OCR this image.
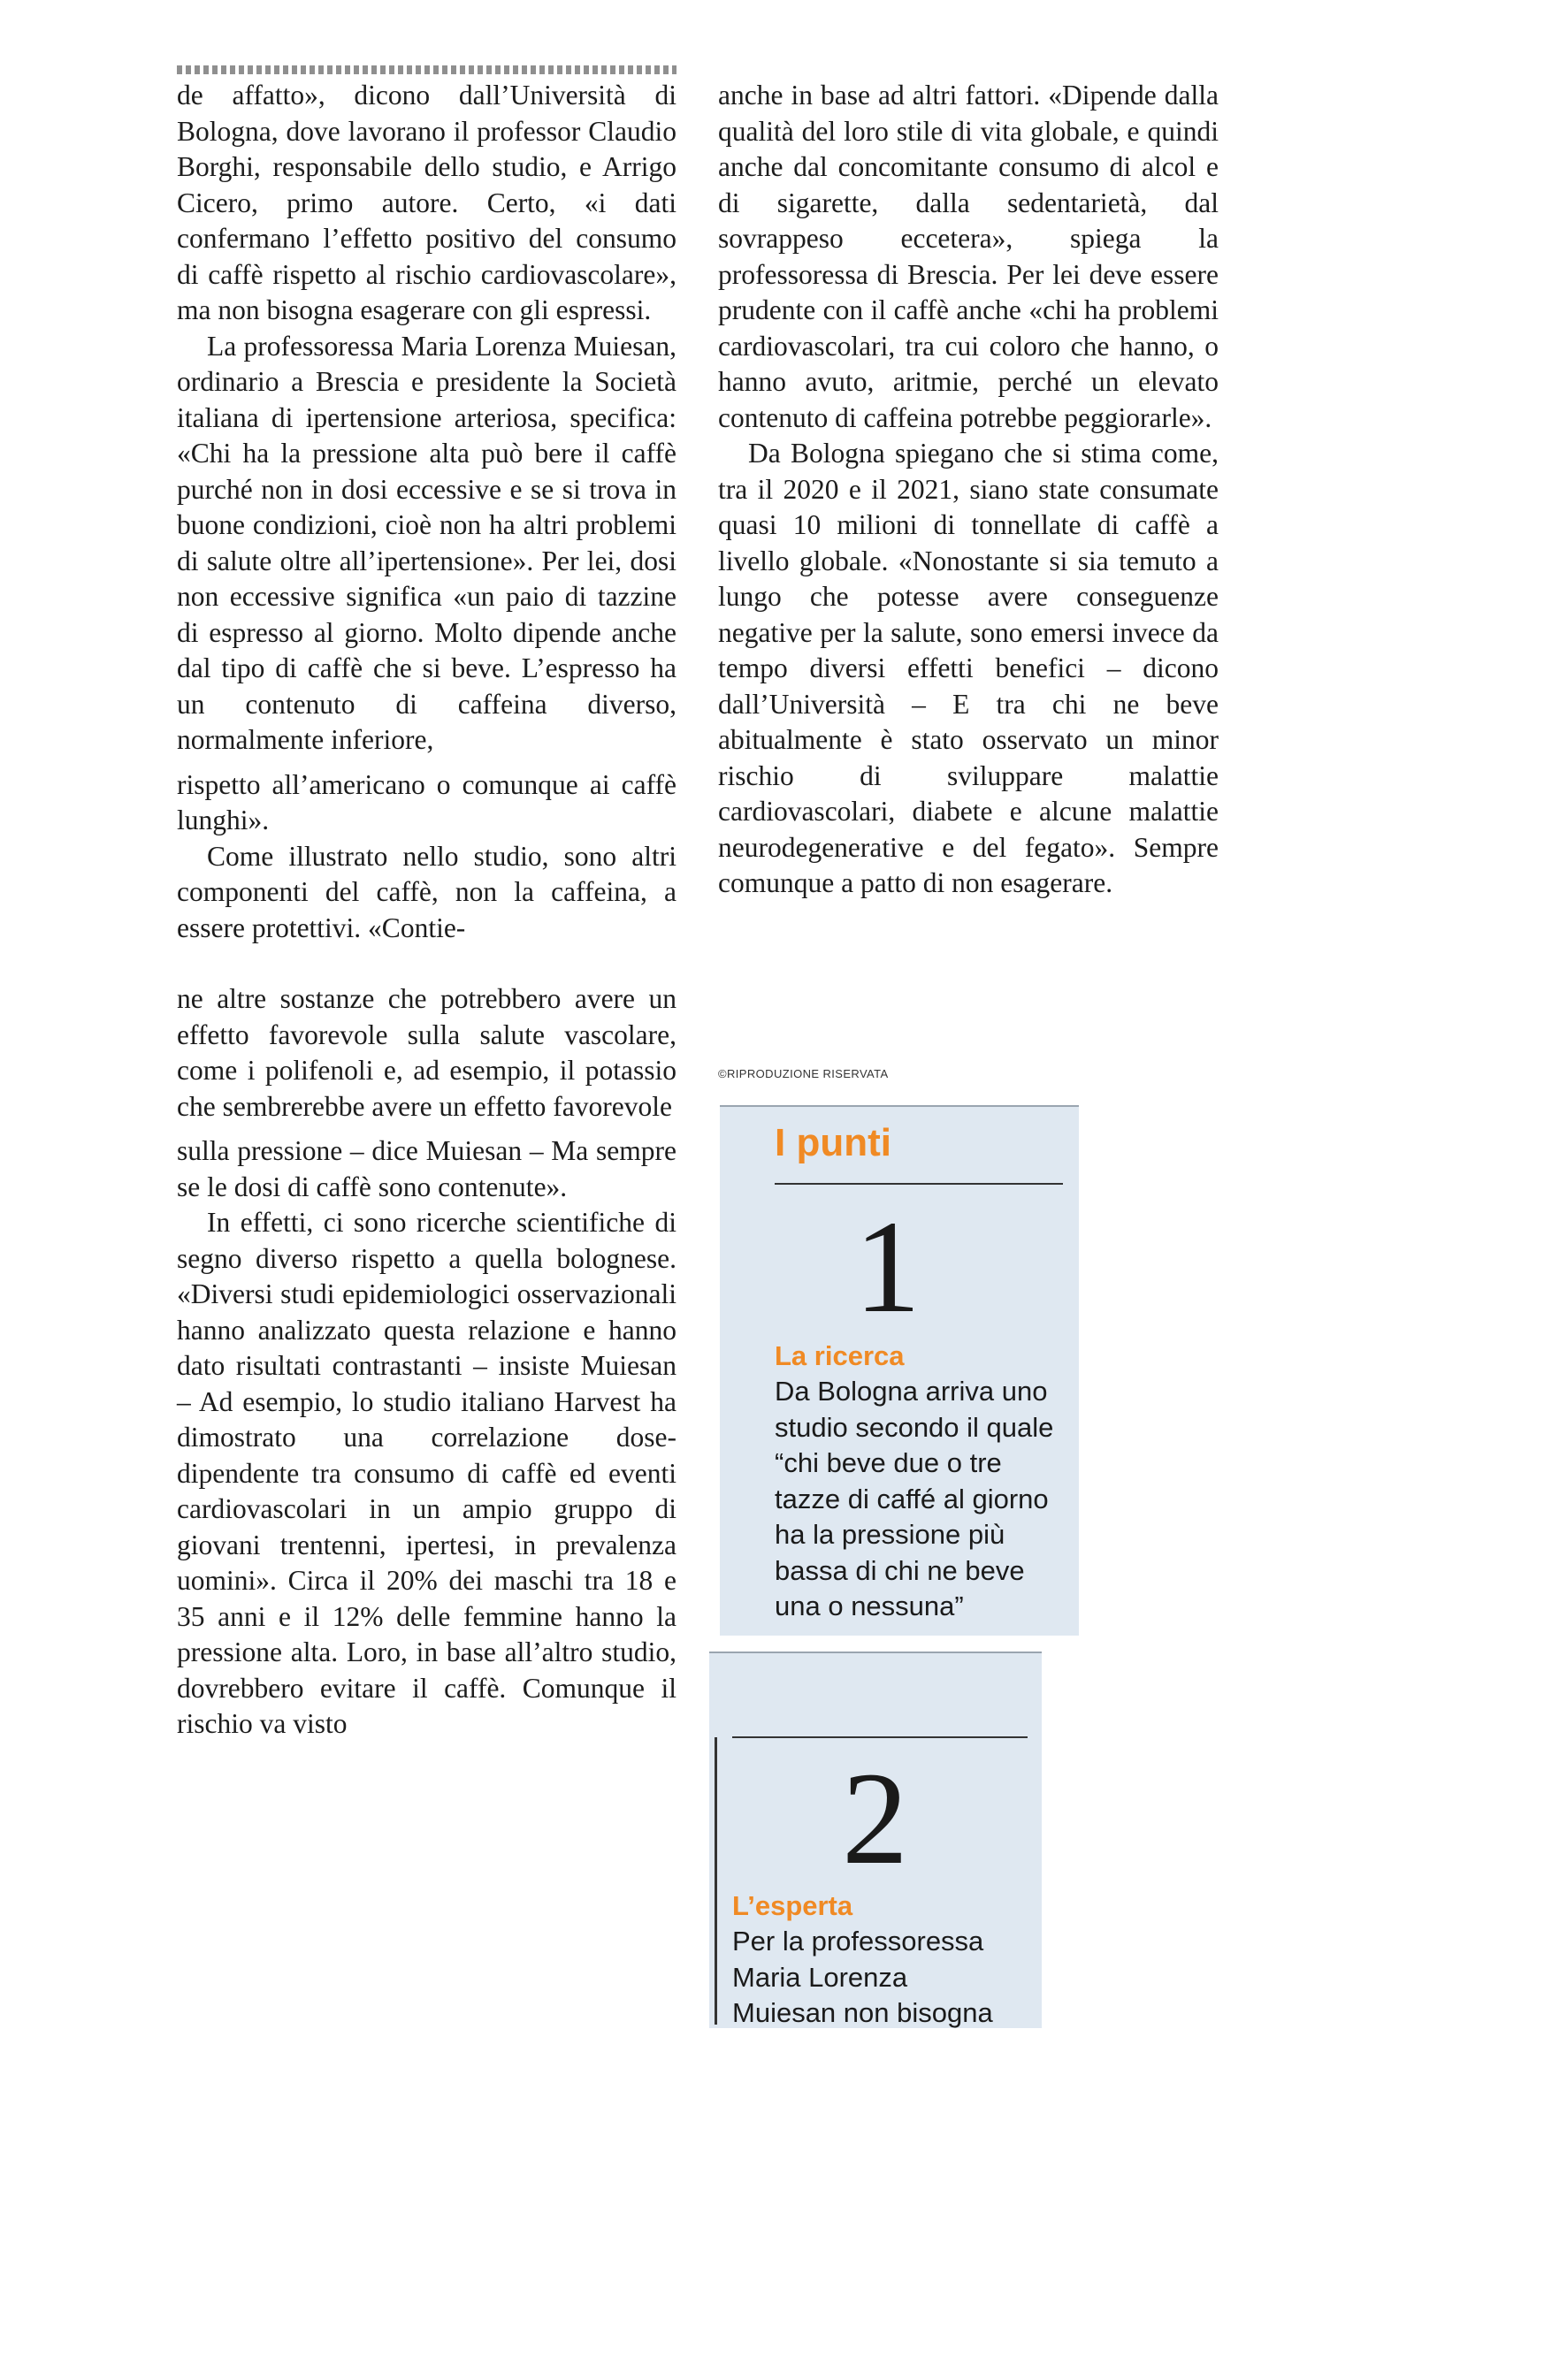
de affatto», dicono dall’Università di Bologna, dove lavorano il professor Claudio Borghi, responsabile dello studio, e Arrigo Cicero, primo autore. Certo, «i dati confermano l’effetto positivo del consumo di caffè rispetto al rischio cardiovascolare», ma non bisogna esagerare con gli espressi.

La professoressa Maria Lorenza Muiesan, ordinario a Brescia e presidente la Società italiana di ipertensione arteriosa, specifica: «Chi ha la pressione alta può bere il caffè purché non in dosi eccessive e se si trova in buone condizioni, cioè non ha altri problemi di salute oltre all’ipertensione». Per lei, dosi non eccessive significa «un paio di tazzine di espresso al giorno. Molto dipende anche dal tipo di caffè che si beve. L’espresso ha un contenuto di caffeina diverso, normalmente inferiore,

rispetto all’americano o comunque ai caffè lunghi».

Come illustrato nello studio, sono altri componenti del caffè, non la caffeina, a essere protettivi. «Contie-

ne altre sostanze che potrebbero avere un effetto favorevole sulla salute vascolare, come i polifenoli e, ad esempio, il potassio che sembrerebbe avere un effetto favorevole

sulla pressione – dice Muiesan – Ma sempre se le dosi di caffè sono contenute».

In effetti, ci sono ricerche scientifiche di segno diverso rispetto a quella bolognese. «Diversi studi epidemiologici osservazionali hanno analizzato questa relazione e hanno dato risultati contrastanti – insiste Muiesan – Ad esempio, lo studio italiano Harvest ha dimostrato una correlazione dose-dipendente tra consumo di caffè ed eventi cardiovascolari in un ampio gruppo di giovani trentenni, ipertesi, in prevalenza uomini». Circa il 20% dei maschi tra 18 e 35 anni e il 12% delle femmine hanno la pressione alta. Loro, in base all’altro studio, dovrebbero evitare il caffè. Comunque il rischio va visto

anche in base ad altri fattori. «Dipende dalla qualità del loro stile di vita globale, e quindi anche dal concomitante consumo di alcol e di sigarette, dalla sedentarietà, dal sovrappeso eccetera», spiega la professoressa di Brescia. Per lei deve essere prudente con il caffè anche «chi ha problemi cardiovascolari, tra cui coloro che hanno, o hanno avuto, aritmie, perché un elevato contenuto di caffeina potrebbe peggiorarle».

Da Bologna spiegano che si stima come, tra il 2020 e il 2021, siano state consumate quasi 10 milioni di tonnellate di caffè a livello globale. «Nonostante si sia temuto a lungo che potesse avere conseguenze negative per la salute, sono emersi invece da tempo diversi effetti benefici – dicono dall’Università – E tra chi ne beve abitualmente è stato osservato un minor rischio di sviluppare malattie cardiovascolari, diabete e alcune malattie neurodegenerative e del fegato». Sempre comunque a patto di non esagerare.

©RIPRODUZIONE RISERVATA
I punti
1
La ricerca
Da Bologna arriva uno studio secondo il quale “chi beve due o tre tazze di caffé al giorno ha la pressione più bassa di chi ne beve una o nessuna”
2
L’esperta
Per la professoressa Maria Lorenza Muiesan non bisogna
